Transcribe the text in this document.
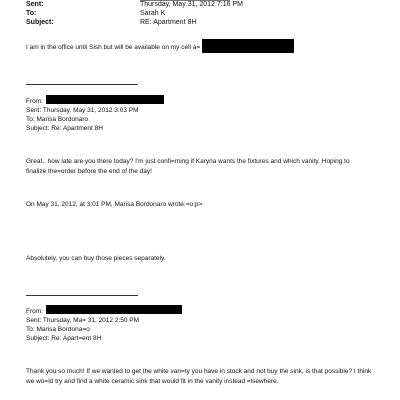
Sent:	Thursday, May 31, 2012 7:16 PM
To:	Sarah K
Subject:	RE: Apartment 8H
I am in the office until Sish but will be available on my cell a=
From:
Sent: Thursday, May 31, 2012 3:03 PM
To: Marisa Bordonaro
Subject: Re: Apartment 8H
Great.. how late are you there today? I'm just confi=ming if Karyna wants the fixtures and which vanity. Hoping to
finalize the=order before the end of the day!
On May 31, 2012, at 3:01 PM, Marisa Bordonaro wrote:=o:p>
Absolutely, you can buy those pieces separately.
From:
Sent: Thursday, Ma= 31, 2012 2:50 PM
To: Marisa Bordona=o
Subject: Re: Apart=ent 8H
Thank you so much! If we wanted to get the white van=ty you have in stock and not buy the sink, is that possible? I think
we wo=ld try and find a white ceramic sink that would fit in the vanity instead =lsewhere.
